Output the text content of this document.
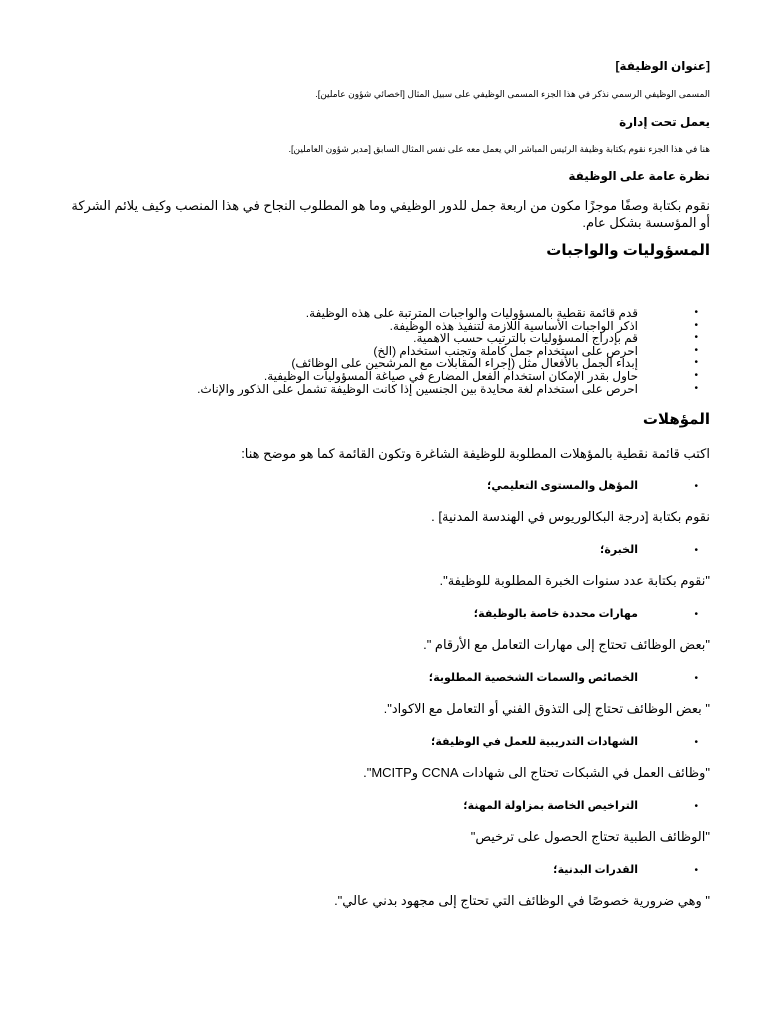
[عنوان الوظيفة]

المسمى الوظيفي الرسمي نذكر في هذا الجزء المسمى الوظيفي على سبيل المثال [اخصائي شؤون عاملين].

يعمل تحت إدارة

هنا في هذا الجزء نقوم بكتابة وظيفة الرئيس المباشر الي يعمل معه على نفس المثال السابق [مدير شؤون العاملين].

نظرة عامة على الوظيفة

نقوم بكتابة وصفًا موجزًا مكون من اربعة جمل للدور الوظيفي وما هو المطلوب النجاح في هذا المنصب وكيف يلائم الشركة أو المؤسسة بشكل عام.

المسؤوليات والواجبات

•
قدم قائمة نقطية بالمسؤوليات والواجبات المترتبة على هذه الوظيفة.
•
اذكر الواجبات الأساسية اللازمة لتنفيذ هذه الوظيفة.
•
قم بإدراج المسؤوليات بالترتيب حسب الاهمية.
•
احرص على استخدام جمل كاملة وتجنب استخدام (الخ)
•
إبداء الجمل بالأفعال مثل (إجراء المقابلات مع المرشحين على الوظائف)
•
حاول بقدر الإمكان استخدام الفعل المضارع في صياغة المسؤوليات الوظيفية.
•
احرص على استخدام لغة محايدة بين الجنسين إذا كانت الوظيفة تشمل على الذكور والإناث.

المؤهلات

اكتب قائمة نقطية بالمؤهلات المطلوبة للوظيفة الشاغرة وتكون القائمة كما هو موضح هنا:

•
المؤهل والمستوى التعليمي؛

نقوم بكتابة [درجة البكالوريوس في الهندسة المدنية] .

•
الخبرة؛

"نقوم بكتابة عدد سنوات الخبرة المطلوبة للوظيفة".

•
مهارات محددة خاصة بالوظيفة؛

"بعض الوظائف تحتاج إلى مهارات التعامل مع الأرقام ".

•
الخصائص والسمات الشخصية المطلوبة؛

" بعض الوظائف تحتاج إلى التذوق الفني أو التعامل مع الاكواد".

•
الشهادات التدريبية للعمل في الوظيفة؛

"وظائف العمل في الشبكات تحتاج الى شهادات CCNA وMCITP".

•
التراخيص الخاصة بمزاولة المهنة؛

"الوظائف الطبية تحتاج الحصول على ترخيص"

•
القدرات البدنية؛

" وهي ضرورية خصوصًا في الوظائف التي تحتاج إلى مجهود بدني عالي".
